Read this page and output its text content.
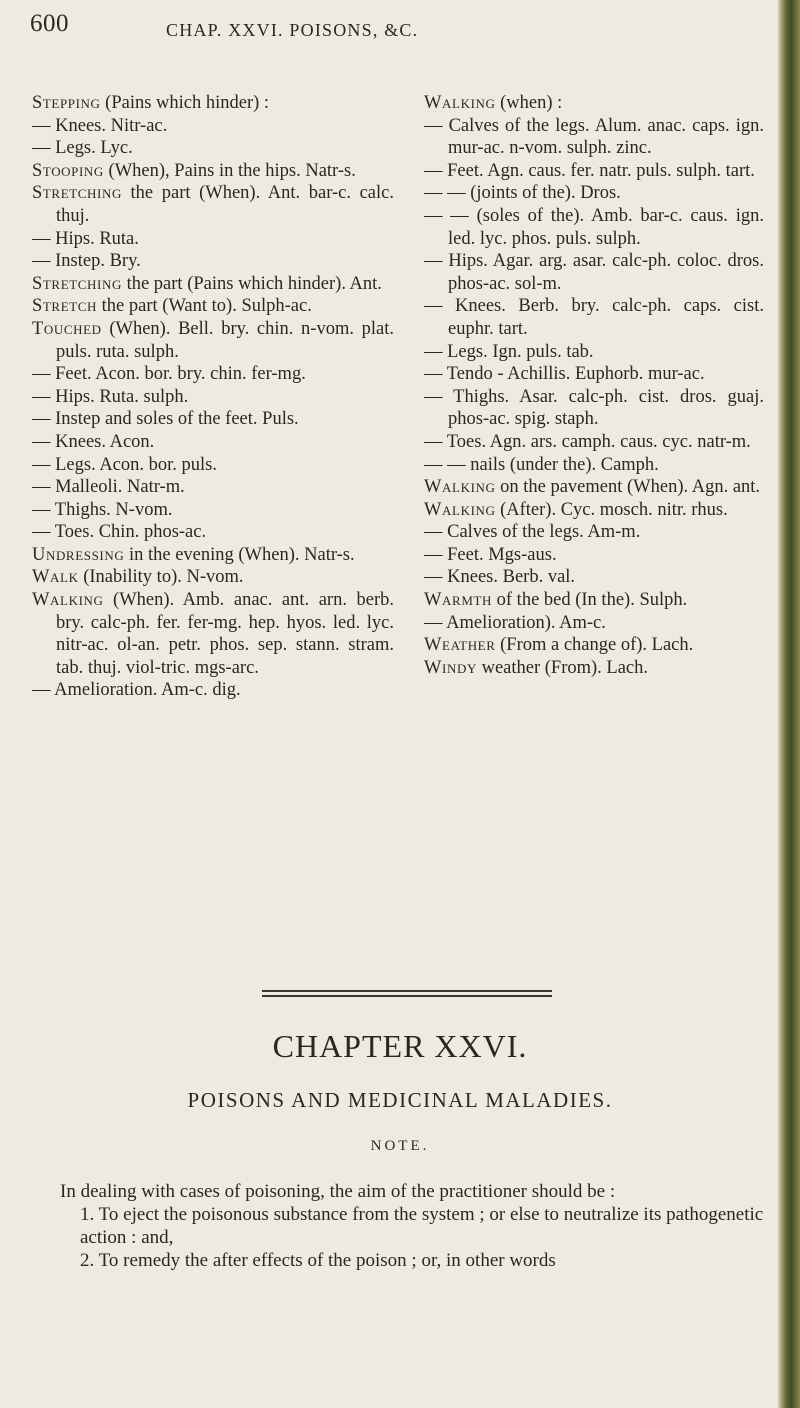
600	CHAP. XXVI. POISONS, &C.

Stepping (Pains which hinder) :

— Knees. Nitr-ac.

— Legs. Lyc.

Stooping (When), Pains in the hips. Natr-s.

Stretching the part (When). Ant. bar-c. calc. thuj.

— Hips. Ruta.

— Instep. Bry.

Stretching the part (Pains which hinder). Ant.

Stretch the part (Want to). Sulph-ac.

Touched (When). Bell. bry. chin. n-vom. plat. puls. ruta. sulph.

— Feet. Acon. bor. bry. chin. fer-mg.

— Hips. Ruta. sulph.

— Instep and soles of the feet. Puls.

— Knees. Acon.

— Legs. Acon. bor. puls.

— Malleoli. Natr-m.

— Thighs. N-vom.

— Toes. Chin. phos-ac.

Undressing in the evening (When). Natr-s.

Walk (Inability to). N-vom.

Walking (When). Amb. anac. ant. arn. berb. bry. calc-ph. fer. fer-mg. hep. hyos. led. lyc. nitr-ac. ol-an. petr. phos. sep. stann. stram. tab. thuj. viol-tric. mgs-arc.

— Amelioration. Am-c. dig.

Walking (when) :

— Calves of the legs. Alum. anac. caps. ign. mur-ac. n-vom. sulph. zinc.

— Feet. Agn. caus. fer. natr. puls. sulph. tart.

— — (joints of the). Dros.

— — (soles of the). Amb. bar-c. caus. ign. led. lyc. phos. puls. sulph.

— Hips. Agar. arg. asar. calc-ph. coloc. dros. phos-ac. sol-m.

— Knees. Berb. bry. calc-ph. caps. cist. euphr. tart.

— Legs. Ign. puls. tab.

— Tendo - Achillis. Euphorb. mur-ac.

— Thighs. Asar. calc-ph. cist. dros. guaj. phos-ac. spig. staph.

— Toes. Agn. ars. camph. caus. cyc. natr-m.

— — nails (under the). Camph.

Walking on the pavement (When). Agn. ant.

Walking (After). Cyc. mosch. nitr. rhus.

— Calves of the legs. Am-m.

— Feet. Mgs-aus.

— Knees. Berb. val.

Warmth of the bed (In the). Sulph.

— Amelioration). Am-c.

Weather (From a change of). Lach.

Windy weather (From). Lach.

CHAPTER XXVI.
POISONS AND MEDICINAL MALADIES.
NOTE.

In dealing with cases of poisoning, the aim of the practitioner should be :

1. To eject the poisonous substance from the system ; or else to neutralize its pathogenetic action : and,

2. To remedy the after effects of the poison ; or, in other words
